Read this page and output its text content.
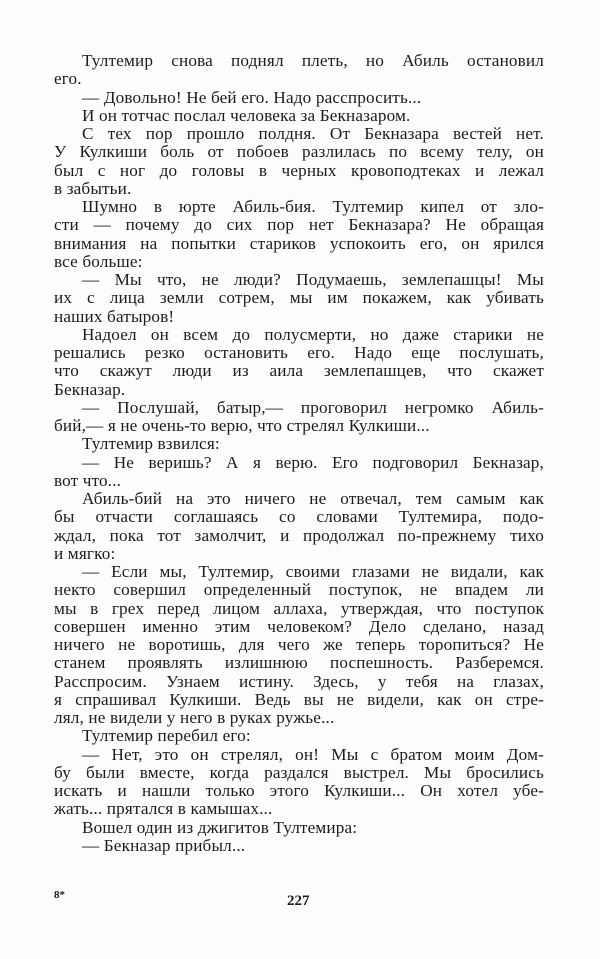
Тултемир снова поднял плеть, но Абиль остановил
его.
— Довольно! Не бей его. Надо расспросить...
И он тотчас послал человека за Бекназаром.
С тех пор прошло полдня. От Бекназара вестей нет.
У Кулкиши боль от побоев разлилась по всему телу, он
был с ног до головы в черных кровоподтеках и лежал
в забытьи.
Шумно в юрте Абиль-бия. Тултемир кипел от зло-
сти — почему до сих пор нет Бекназара? Не обращая
внимания на попытки стариков успокоить его, он ярился
все больше:
— Мы что, не люди? Подумаешь, землепашцы! Мы
их с лица земли сотрем, мы им покажем, как убивать
наших батыров!
Надоел он всем до полусмерти, но даже старики не
решались резко остановить его. Надо еще послушать,
что скажут люди из аила землепашцев, что скажет
Бекназар.
— Послушай, батыр,— проговорил негромко Абиль-
бий,— я не очень-то верю, что стрелял Кулкиши...
Тултемир взвился:
— Не веришь? А я верю. Его подговорил Бекназар,
вот что...
Абиль-бий на это ничего не отвечал, тем самым как
бы отчасти соглашаясь со словами Тултемира, подо-
ждал, пока тот замолчит, и продолжал по-прежнему тихо
и мягко:
— Если мы, Тултемир, своими глазами не видали, как
некто совершил определенный поступок, не впадем ли
мы в грех перед лицом аллаха, утверждая, что поступок
совершен именно этим человеком? Дело сделано, назад
ничего не воротишь, для чего же теперь торопиться? Не
станем проявлять излишнюю поспешность. Разберемся.
Расспросим. Узнаем истину. Здесь, у тебя на глазах,
я спрашивал Кулкиши. Ведь вы не видели, как он стре-
лял, не видели у него в руках ружье...
Тултемир перебил его:
— Нет, это он стрелял, он! Мы с братом моим Дом-
бу были вместе, когда раздался выстрел. Мы бросились
искать и нашли только этого Кулкиши... Он хотел убе-
жать... прятался в камышах...
Вошел один из джигитов Тултемира:
— Бекназар прибыл...
8*	227
